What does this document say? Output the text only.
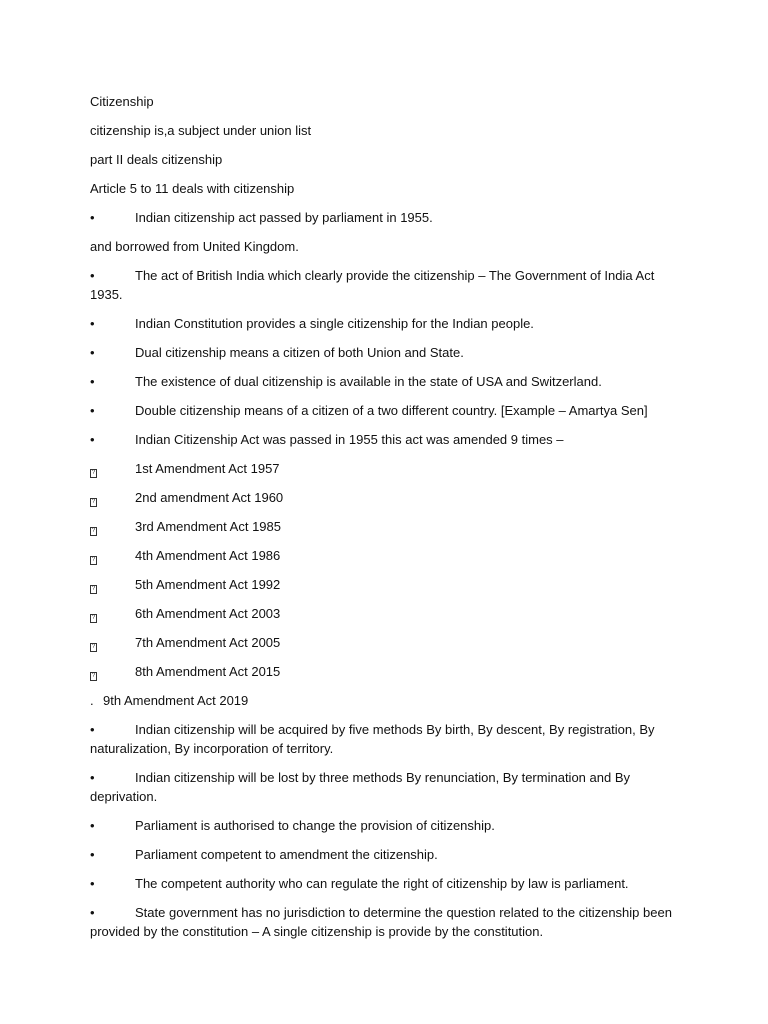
Citizenship

citizenship is,a subject under union list

part II deals citizenship

Article 5 to 11 deals with citizenship

•	Indian citizenship act passed by parliament in 1955.

and borrowed from United Kingdom.

•	The act of British India which clearly provide the citizenship – The Government of India Act 1935.
•	Indian Constitution provides a single citizenship for the Indian people.
•	Dual citizenship means a citizen of both Union and State.
•	The existence of dual citizenship is available in the state of USA and Switzerland.
•	Double citizenship means of a citizen of a two different country. [Example – Amartya Sen]
•	Indian Citizenship Act was passed in 1955 this act was amended 9 times –
?	1st Amendment Act 1957
?	2nd amendment Act 1960
?	3rd Amendment Act 1985
?	4th Amendment Act 1986
?	5th Amendment Act 1992
?	6th Amendment Act 2003
?	7th Amendment Act 2005
?	8th Amendment Act 2015
. 9th Amendment Act 2019
•	Indian citizenship will be acquired by five methods By birth, By descent, By registration, By naturalization, By incorporation of territory.
•	Indian citizenship will be lost by three methods By renunciation, By termination and By deprivation.
•	Parliament is authorised to change the provision of citizenship.
•	Parliament competent to amendment the citizenship.
•	The competent authority who can regulate the right of citizenship by law is parliament.
•	State government has no jurisdiction to determine the question related to the citizenship been provided by the constitution – A single citizenship is provide by the constitution.
